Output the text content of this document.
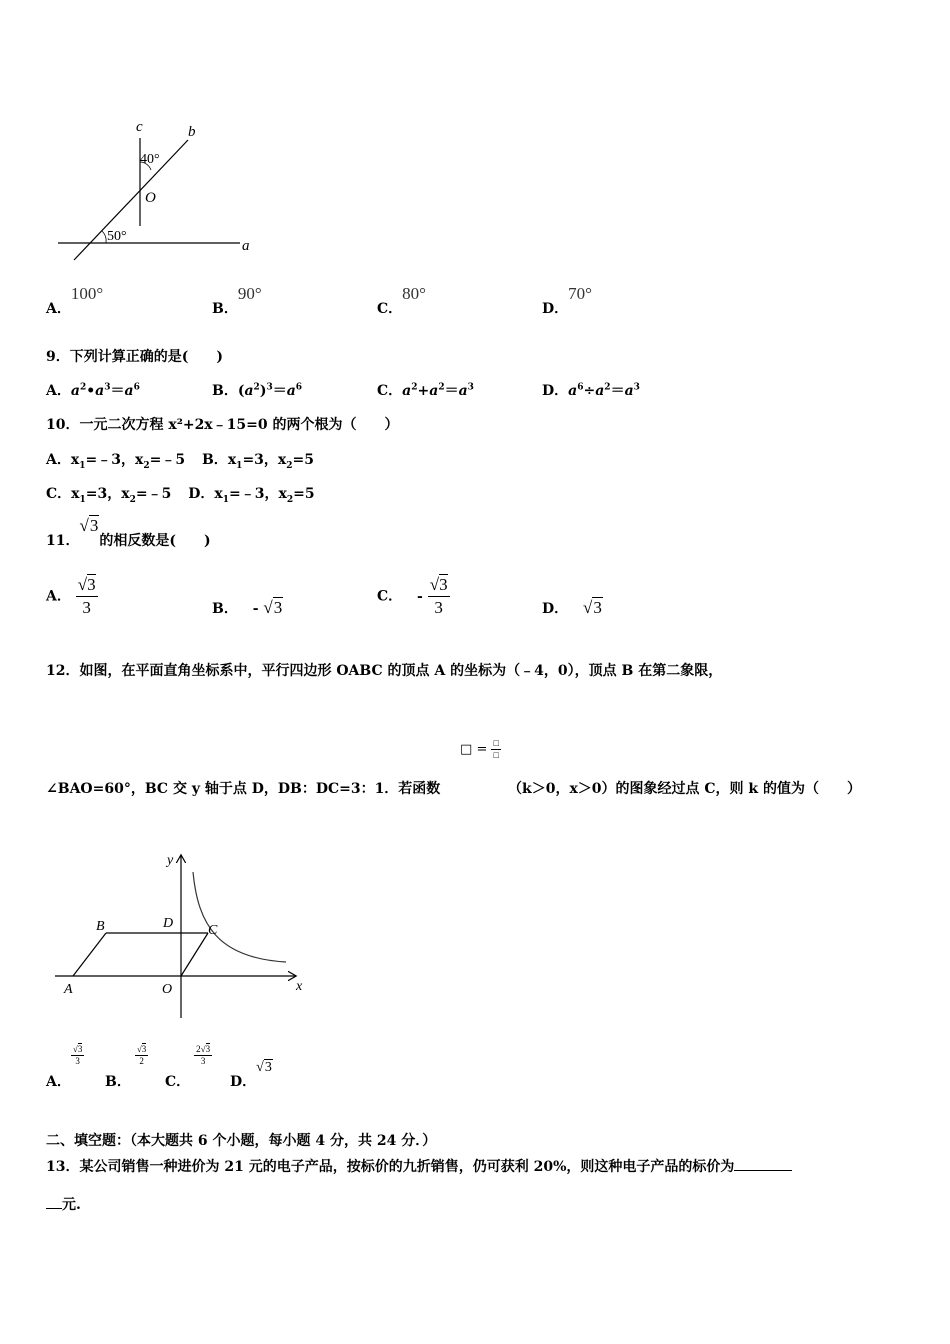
c	b
O
a
40°
50°
A．100°
B．90°
C．80°
D．70°
9．下列计算正确的是(　　)
A．$a^2•a^3=a^6$	B．$(a^2)^3=a^6$	C．$a^2+a^2=a^3$	D．$a^6\div a^2=a^3$
10．一元二次方程 x²+2x﹣15=0 的两个根为（　　）
A．$x_1=﹣3$，$x_2=﹣5$ B．$x_1=3$，$x_2=5$
C．$x_1=3$，$x_2=﹣5$ D．$x_1=﹣3$，$x_2=5$
11．√3的相反数是(　　)
A． $\frac{√3}{3}$	B． - √3
C． - $\frac{√3}{3}$	D． √3
12．如图，在平面直角坐标系中，平行四边形 OABC 的顶点 A 的坐标为（﹣4，0），顶点 B 在第二象限，
□ = $\frac{□}{□}$
∠BAO=60°，BC 交 y 轴于点 D，DB：DC=3：1．若函数	（k＞0，x＞0）的图象经过点 C，则 k 的值为（　　）
y
x
B	D C
A	O
A．
$\frac{√3}{3}$
B．
$\frac{√3}{2}$
C．
$\frac{2√3}{3}$
D．√3
二、填空题：（本大题共 6 个小题，每小题 4 分，共 24 分．）
13．某公司销售一种进价为 21 元的电子产品，按标价的九折销售，仍可获利 20%，则这种电子产品的标价为
元.
